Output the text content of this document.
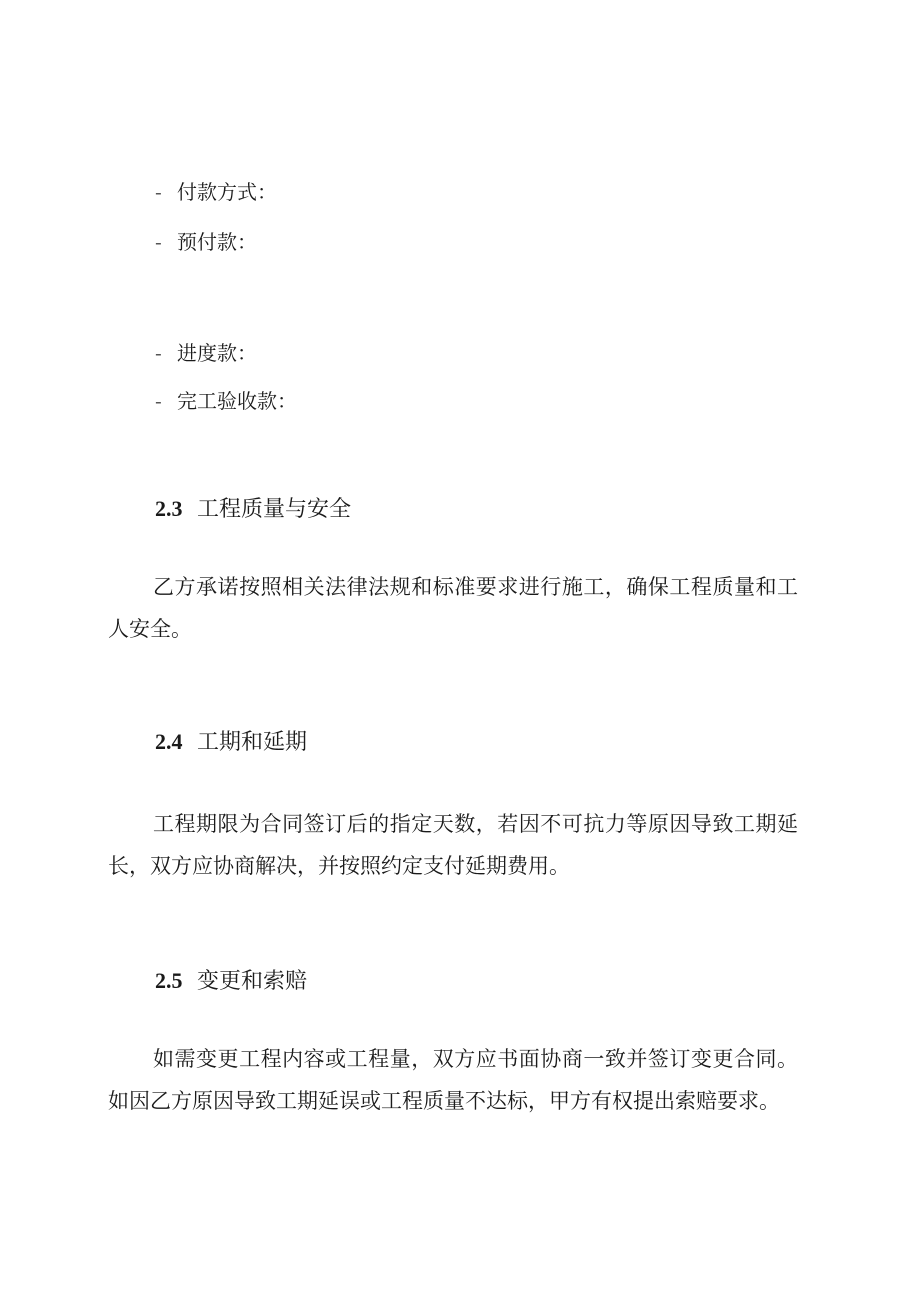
- 付款方式：
- 预付款：
- 进度款：
- 完工验收款：
2.3 工程质量与安全

乙方承诺按照相关法律法规和标准要求进行施工，确保工程质量和工人安全。

2.4 工期和延期

工程期限为合同签订后的指定天数，若因不可抗力等原因导致工期延长，双方应协商解决，并按照约定支付延期费用。

2.5 变更和索赔

如需变更工程内容或工程量，双方应书面协商一致并签订变更合同。如因乙方原因导致工期延误或工程质量不达标，甲方有权提出索赔要求。
